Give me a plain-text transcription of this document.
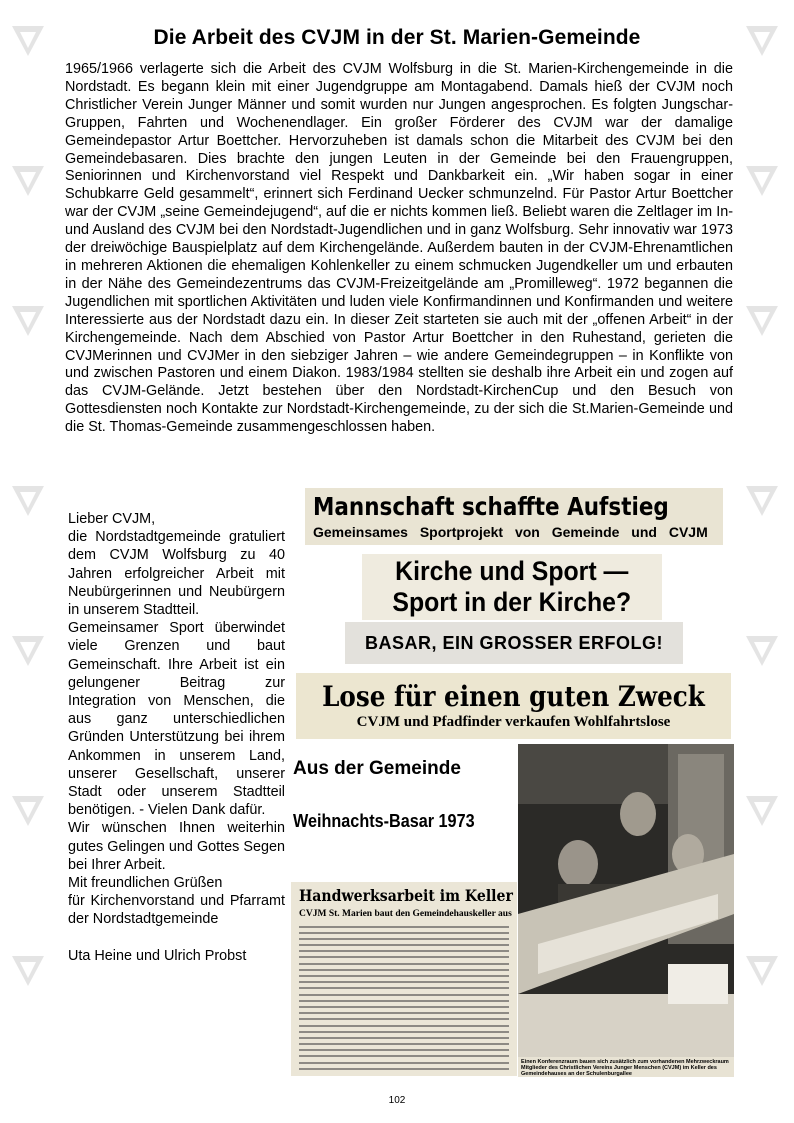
Die Arbeit des CVJM in der St. Marien-Gemeinde

1965/1966 verlagerte sich die Arbeit des CVJM Wolfsburg in die St. Marien-Kirchengemeinde in die Nordstadt. Es begann klein mit einer Jugendgruppe am Montagabend. Damals hieß der CVJM noch Christlicher Verein Junger Männer und somit wurden nur Jungen angesprochen. Es folgten Jungschar-Gruppen, Fahrten und Wochenendlager. Ein großer Förderer des CVJM war der damalige Gemeindepastor Artur Boettcher. Hervorzuheben ist damals schon die Mitarbeit des CVJM bei den Gemeindebasaren. Dies brachte den jungen Leuten in der Gemeinde bei den Frauengruppen, Seniorinnen und Kirchenvorstand viel Respekt und Dankbarkeit ein. „Wir haben sogar in einer Schubkarre Geld gesammelt“, erinnert sich Ferdinand Uecker schmunzelnd. Für Pastor Artur Boettcher war der CVJM „seine Gemeindejugend“, auf die er nichts kommen ließ. Beliebt waren die Zeltlager im In- und Ausland des CVJM bei den Nordstadt-Jugendlichen und in ganz Wolfsburg. Sehr innovativ war 1973 der dreiwöchige Bauspielplatz auf dem Kirchengelände. Außerdem bauten in der CVJM-Ehrenamtlichen in mehreren Aktionen die ehemaligen Kohlenkeller zu einem schmucken Jugendkeller um und erbauten in der Nähe des Gemeindezentrums das CVJM-Freizeitgelände am „Promilleweg“. 1972 begannen die Jugendlichen mit sportlichen Aktivitäten und luden viele Konfirmandinnen und Konfirmanden und weitere Interessierte aus der Nordstadt dazu ein. In dieser Zeit starteten sie auch mit der „offenen Arbeit“ in der Kirchengemeinde. Nach dem Abschied von Pastor Artur Boettcher in den Ruhestand, gerieten die CVJMerinnen und CVJMer in den siebziger Jahren – wie andere Gemeindegruppen – in Konflikte von und zwischen Pastoren und einem Diakon. 1983/1984 stellten sie deshalb ihre Arbeit ein und zogen auf das CVJM-Gelände. Jetzt bestehen über den Nordstadt-KirchenCup und den Besuch von Gottesdiensten noch Kontakte zur Nordstadt-Kirchengemeinde, zu der sich die St.Marien-Gemeinde und die St. Thomas-Gemeinde zusammengeschlossen haben.

Lieber CVJM,

die Nordstadtgemeinde gratuliert dem CVJM Wolfsburg zu 40 Jahren erfolgreicher Arbeit mit Neubürgerinnen und Neubürgern in unserem Stadtteil.

Gemeinsamer Sport überwindet viele Grenzen und baut Gemeinschaft. Ihre Arbeit ist ein gelungener Beitrag zur Integration von Menschen, die aus ganz unterschiedlichen Gründen Unterstützung bei ihrem Ankommen in unserem Land, unserer Gesellschaft, unserer Stadt oder unserem Stadtteil benötigen. - Vielen Dank dafür.

Wir wünschen Ihnen weiterhin gutes Gelingen und Gottes Segen bei Ihrer Arbeit.

Mit freundlichen Grüßen

für Kirchenvorstand und Pfarramt der Nordstadtgemeinde

Uta Heine und Ulrich Probst

Mannschaft schaffte Aufstieg
Gemeinsames Sportprojekt von Gemeinde und CVJM
Kirche und Sport —
Sport in der Kirche?
BASAR, EIN GROSSER ERFOLG!
Lose für einen guten Zweck
CVJM und Pfadfinder verkaufen Wohlfahrtslose
Aus der Gemeinde
Weihnachts-Basar 1973
Handwerksarbeit im Keller
CVJM St. Marien baut den Gemeindehauskeller aus
Einen Konferenzraum bauen sich zusätzlich zum vorhandenen Mehrzweckraum Mitglieder des Christlichen Vereins Junger Menschen (CVJM) im Keller des Gemeindehauses an der Schulenburgallee
102
